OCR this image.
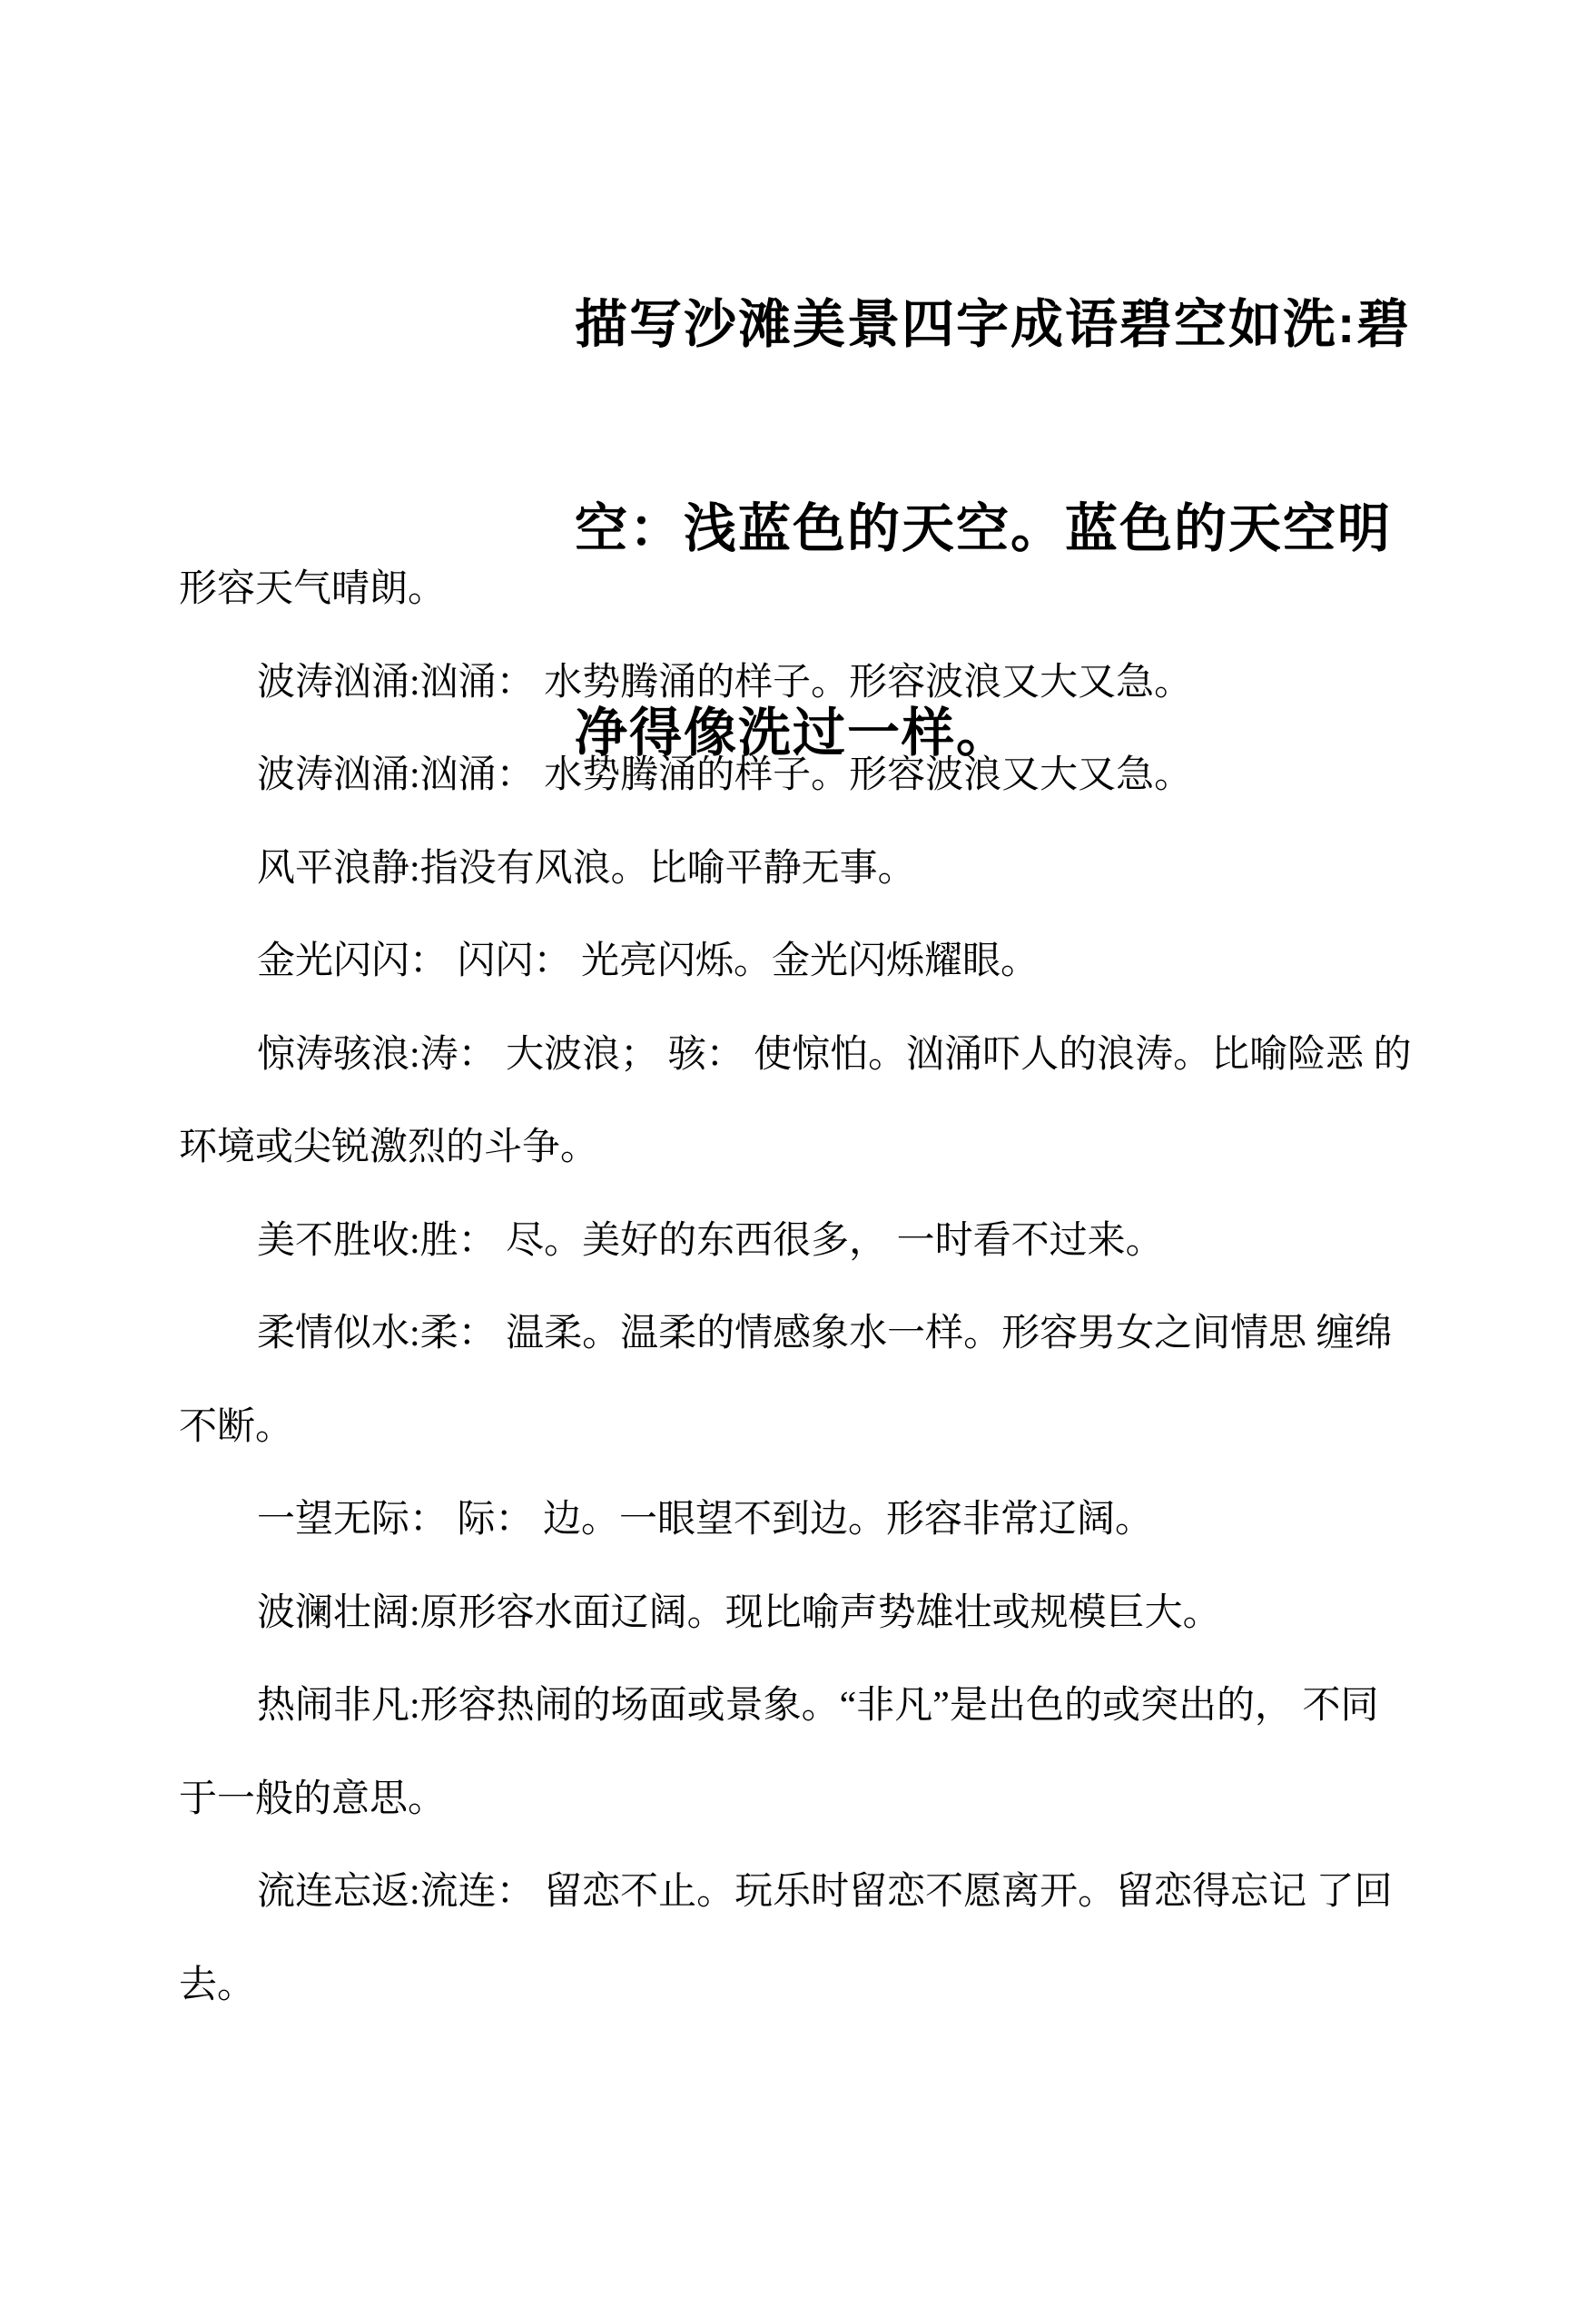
描写沙滩美景四字成语碧空如洗:碧

空：浅蓝色的天空。蓝色的天空明

净得像洗过一样。

形容天气晴朗。
波涛汹涌:汹涌： 水势腾涌的样子。形容波浪又大又急。
波涛汹涌:汹涌： 水势腾涌的样子。形容波浪又大又急。
风平浪静:指没有风浪。比喻平静无事。
金光闪闪： 闪闪： 光亮闪烁。金光闪烁耀眼。
惊涛骇浪:涛： 大波浪； 骇： 使惊怕。汹涌吓人的浪涛。比喻险恶 的
环境或尖锐激烈的斗争。
美不胜收:胜： 尽。美好的东西很多， 一时看不过来。
柔情似水:柔： 温柔。温柔的情感象水一样。形容男女之间情思 缠绵
不断。
一望无际： 际： 边。一眼望不到边。形容非常辽阔。
波澜壮阔:原形容水面辽阔。现比喻声势雄壮或规模巨大。
热闹非凡:形容热闹的场面或景象。“非凡”是出色的或突出的， 不同
于一般的意思。
流连忘返:流连： 留恋不止。玩乐时留恋不愿离开。留恋得忘记 了回
去。
